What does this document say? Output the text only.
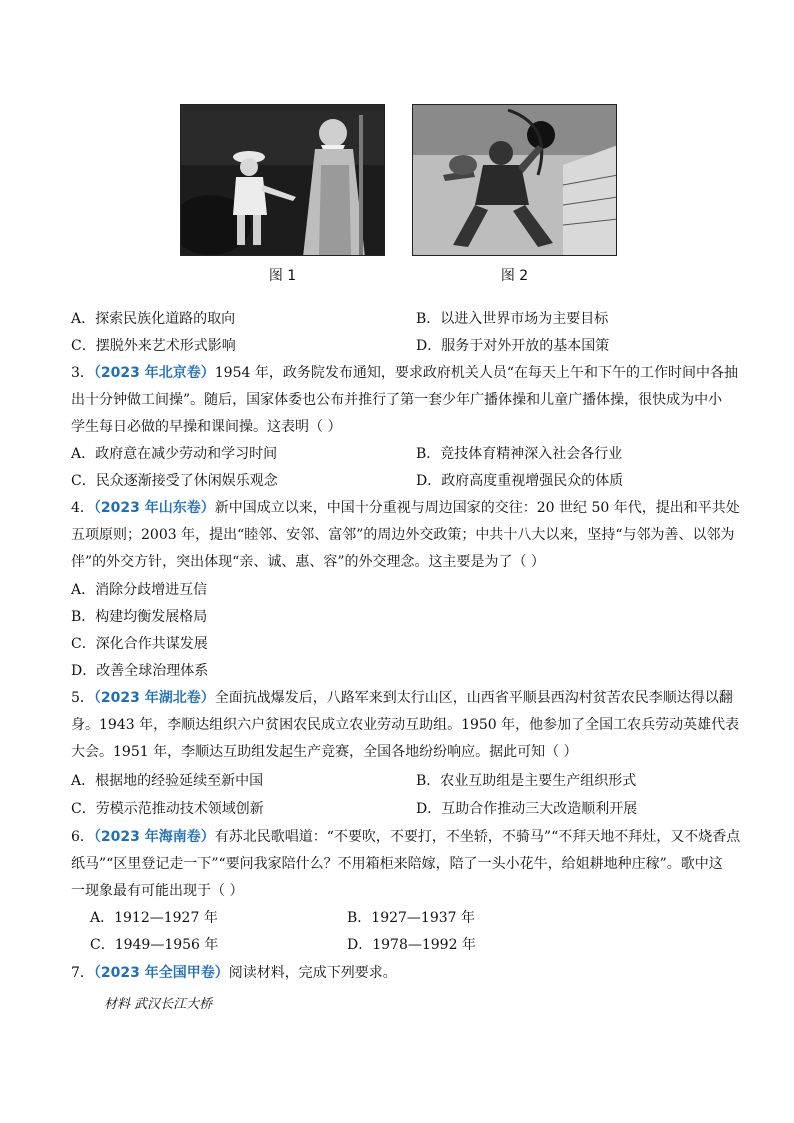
图 1	图 2
A．探索民族化道路的取向	B．以进入世界市场为主要目标
C．摆脱外来艺术形式影响	D．服务于对外开放的基本国策
3．（2023 年北京卷）1954 年，政务院发布通知，要求政府机关人员“在每天上午和下午的工作时间中各抽
出十分钟做工间操”。随后，国家体委也公布并推行了第一套少年广播体操和儿童广播体操，很快成为中小
学生每日必做的早操和课间操。这表明（ ）
A．政府意在减少劳动和学习时间	B．竞技体育精神深入社会各行业
C．民众逐渐接受了休闲娱乐观念	D．政府高度重视增强民众的体质
4．（2023 年山东卷）新中国成立以来，中国十分重视与周边国家的交往：20 世纪 50 年代，提出和平共处
五项原则；2003 年，提出“睦邻、安邻、富邻”的周边外交政策；中共十八大以来，坚持“与邻为善、以邻为
伴”的外交方针，突出体现“亲、诚、惠、容”的外交理念。这主要是为了（ ）
A．消除分歧增进互信
B．构建均衡发展格局
C．深化合作共谋发展
D．改善全球治理体系
5．（2023 年湖北卷）全面抗战爆发后，八路军来到太行山区，山西省平顺县西沟村贫苦农民李顺达得以翻
身。1943 年，李顺达组织六户贫困农民成立农业劳动互助组。1950 年，他参加了全国工农兵劳动英雄代表
大会。1951 年，李顺达互助组发起生产竞赛，全国各地纷纷响应。据此可知（ ）
A．根据地的经验延续至新中国	B．农业互助组是主要生产组织形式
C．劳模示范推动技术领域创新	D．互助合作推动三大改造顺利开展
6．（2023 年海南卷）有苏北民歌唱道：“不要吹，不要打，不坐轿，不骑马”“不拜天地不拜灶，又不烧香点
纸马”“区里登记走一下”“要问我家陪什么？不用箱柜来陪嫁，陪了一头小花牛，给姐耕地种庄稼”。歌中这
一现象最有可能出现于（ ）
A．1912—1927 年	B．1927—1937 年
C．1949—1956 年	D．1978—1992 年
7．（2023 年全国甲卷）阅读材料，完成下列要求。
材料 武汉长江大桥
